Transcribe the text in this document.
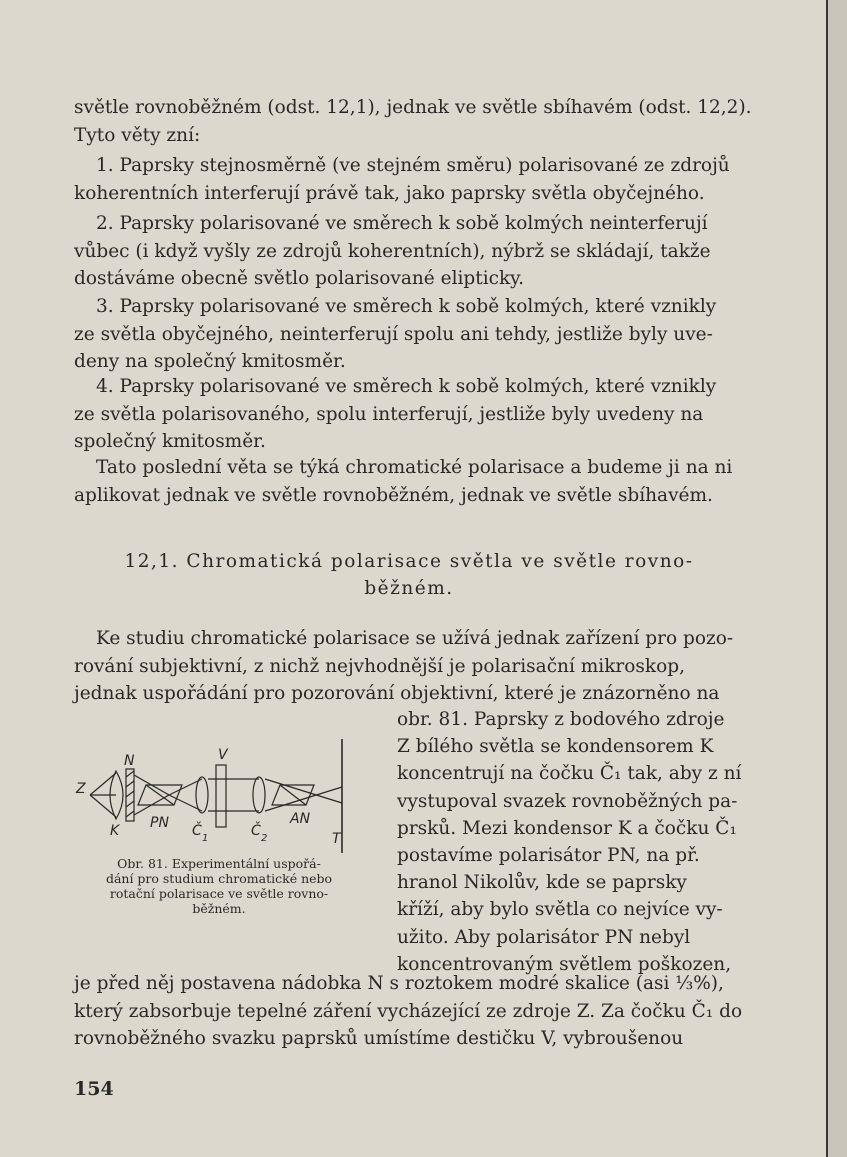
světle rovnoběžném (odst. 12,1), jednak ve světle sbíhavém (odst. 12,2).
Tyto věty zní:
1. Paprsky stejnosměrně (ve stejném směru) polarisované ze zdrojů
koherentních interferují právě tak, jako paprsky světla obyčejného.
2. Paprsky polarisované ve směrech k sobě kolmých neinterferují
vůbec (i když vyšly ze zdrojů koherentních), nýbrž se skládají, takže
dostáváme obecně světlo polarisované elipticky.
3. Paprsky polarisované ve směrech k sobě kolmých, které vznikly
ze světla obyčejného, neinterferují spolu ani tehdy, jestliže byly uve-
deny na společný kmitosměr.
4. Paprsky polarisované ve směrech k sobě kolmých, které vznikly
ze světla polarisovaného, spolu interferují, jestliže byly uvedeny na
společný kmitosměr.
Tato poslední věta se týká chromatické polarisace a budeme ji na ni
aplikovat jednak ve světle rovnoběžném, jednak ve světle sbíhavém.
12,1. Chromatická polarisace světla ve světle rovno-
běžném.
Ke studiu chromatické polarisace se užívá jednak zařízení pro pozo-
rování subjektivní, z nichž nejvhodnější je polarisační mikroskop,
jednak uspořádání pro pozorování objektivní, které je znázorněno na
obr. 81. Paprsky z bodového zdroje
Z bílého světla se kondensorem K
koncentrují na čočku Č₁ tak, aby z ní
vystupoval svazek rovnoběžných pa-
prsků. Mezi kondensor K a čočku Č₁
postavíme polarisátor PN, na př.
hranol Nikolův, kde se paprsky
kříží, aby bylo světla co nejvíce vy-
užito. Aby polarisátor PN nebyl
koncentrovaným světlem poškozen,
Z
N	V
K PN Č 1	Č 2
AN
T
Obr. 81. Experimentální uspořá-
dání pro studium chromatické nebo
rotační polarisace ve světle rovno-
běžném.
je před něj postavena nádobka N s roztokem modré skalice (asi ⅓%),
který zabsorbuje tepelné záření vycházející ze zdroje Z. Za čočku Č₁ do
rovnoběžného svazku paprsků umístíme destičku V, vybroušenou
154
